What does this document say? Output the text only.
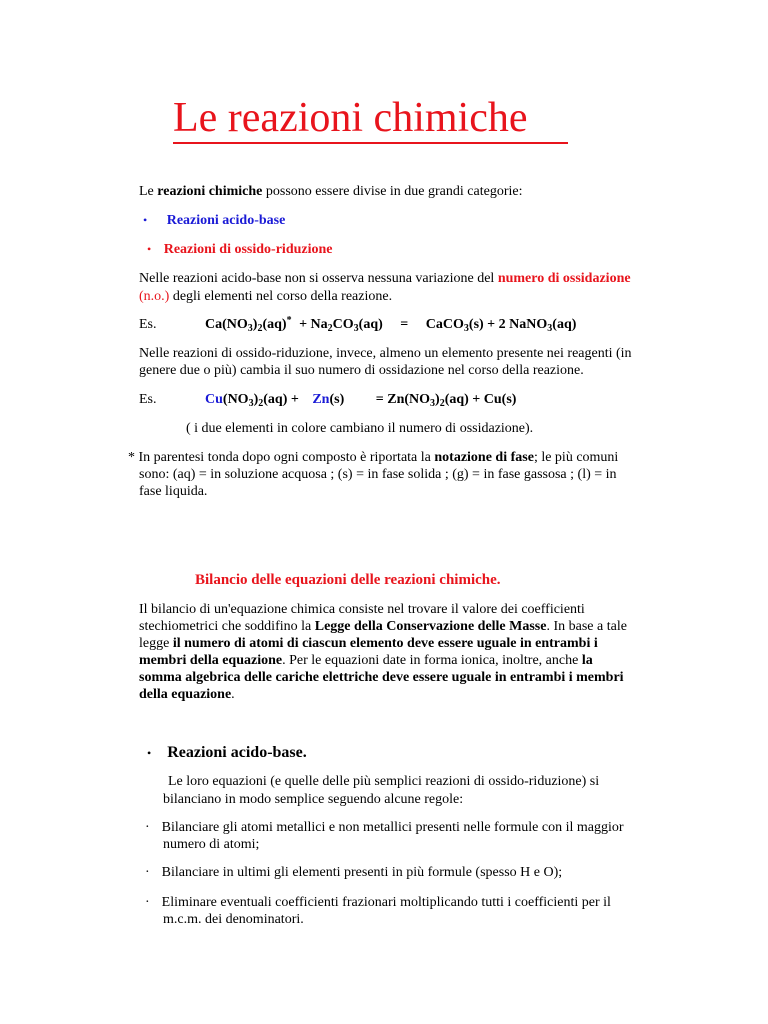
Le reazioni chimiche
Le reazioni chimiche possono essere divise in due grandi categorie:
• Reazioni acido-base
• Reazioni di ossido-riduzione
Nelle reazioni acido-base non si osserva nessuna variazione del numero di ossidazione
(n.o.) degli elementi nel corso della reazione.
Es.	$Ca(NO_3)_2(aq)^* + Na_2CO_3(aq)$ = CaCO$_3$(s) + 2 NaNO$_3$(aq)
Nelle reazioni di ossido-riduzione, invece, almeno un elemento presente nei reagenti (in
genere due o più) cambia il suo numero di ossidazione nel corso della reazione.
Es.	$Cu(NO_3)_2(aq) + Zn(s) = Zn(NO_3)_2(aq) + Cu(s)$
( i due elementi in colore cambiano il numero di ossidazione).
* In parentesi tonda dopo ogni composto è riportata la notazione di fase; le più comuni
sono: (aq) = in soluzione acquosa ; (s) = in fase solida ; (g) = in fase gassosa ; (l) = in
fase liquida.
Bilancio delle equazioni delle reazioni chimiche.
Il bilancio di un'equazione chimica consiste nel trovare il valore dei coefficienti
stechiometrici che soddifino la Legge della Conservazione delle Masse. In base a tale
legge il numero di atomi di ciascun elemento deve essere uguale in entrambi i
membri della equazione. Per le equazioni date in forma ionica, inoltre, anche la
somma algebrica delle cariche elettriche deve essere uguale in entrambi i membri
della equazione.
• Reazioni acido-base.
Le loro equazioni (e quelle delle più semplici reazioni di ossido-riduzione) si
bilanciano in modo semplice seguendo alcune regole:
· Bilanciare gli atomi metallici e non metallici presenti nelle formule con il maggior
numero di atomi;
· Bilanciare in ultimi gli elementi presenti in più formule (spesso H e O);
· Eliminare eventuali coefficienti frazionari moltiplicando tutti i coefficienti per il
m.c.m. dei denominatori.
